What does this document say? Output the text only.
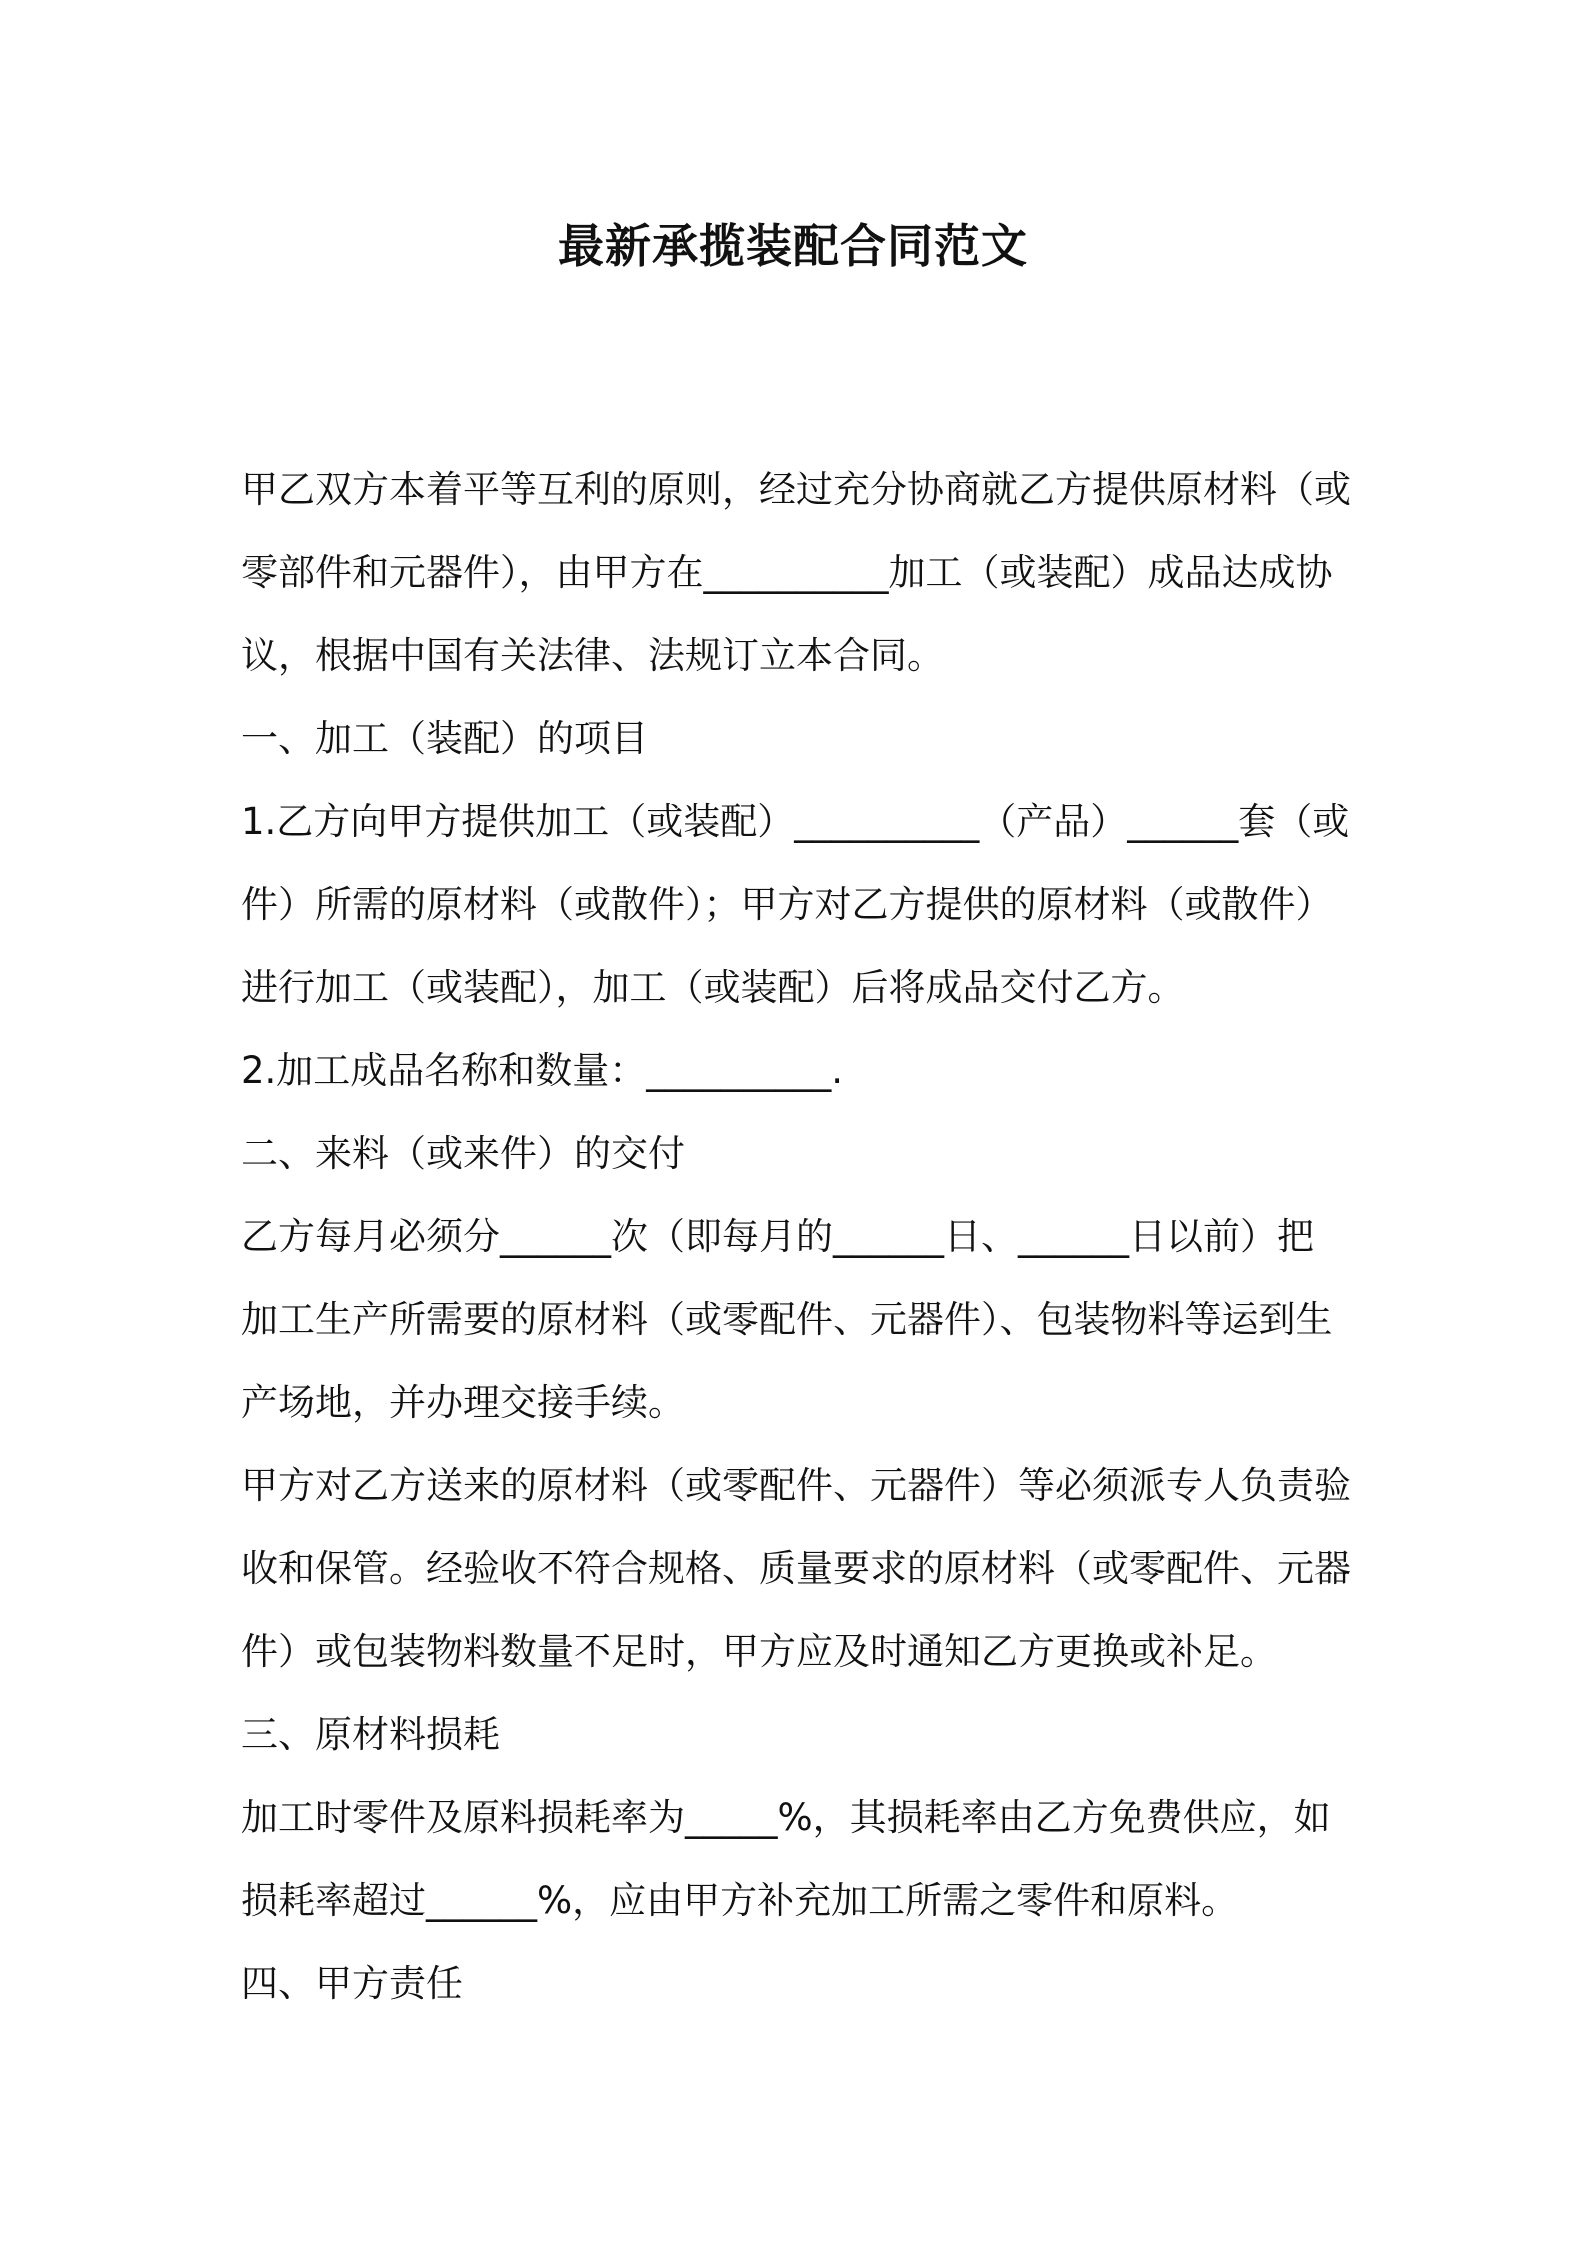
最新承揽装配合同范文

甲乙双方本着平等互利的原则，经过充分协商就乙方提供原材料（或

零部件和元器件），由甲方在__________加工（或装配）成品达成协

议，根据中国有关法律、法规订立本合同。

一、加工（装配）的项目

1.乙方向甲方提供加工（或装配）__________（产品）______套（或

件）所需的原材料（或散件）；甲方对乙方提供的原材料（或散件）

进行加工（或装配），加工（或装配）后将成品交付乙方。

2.加工成品名称和数量：__________.

二、来料（或来件）的交付

乙方每月必须分______次（即每月的______日、______日以前）把

加工生产所需要的原材料（或零配件、元器件）、包装物料等运到生

产场地，并办理交接手续。

甲方对乙方送来的原材料（或零配件、元器件）等必须派专人负责验

收和保管。经验收不符合规格、质量要求的原材料（或零配件、元器

件）或包装物料数量不足时，甲方应及时通知乙方更换或补足。

三、原材料损耗

加工时零件及原料损耗率为_____%，其损耗率由乙方免费供应，如

损耗率超过______%，应由甲方补充加工所需之零件和原料。

四、甲方责任
